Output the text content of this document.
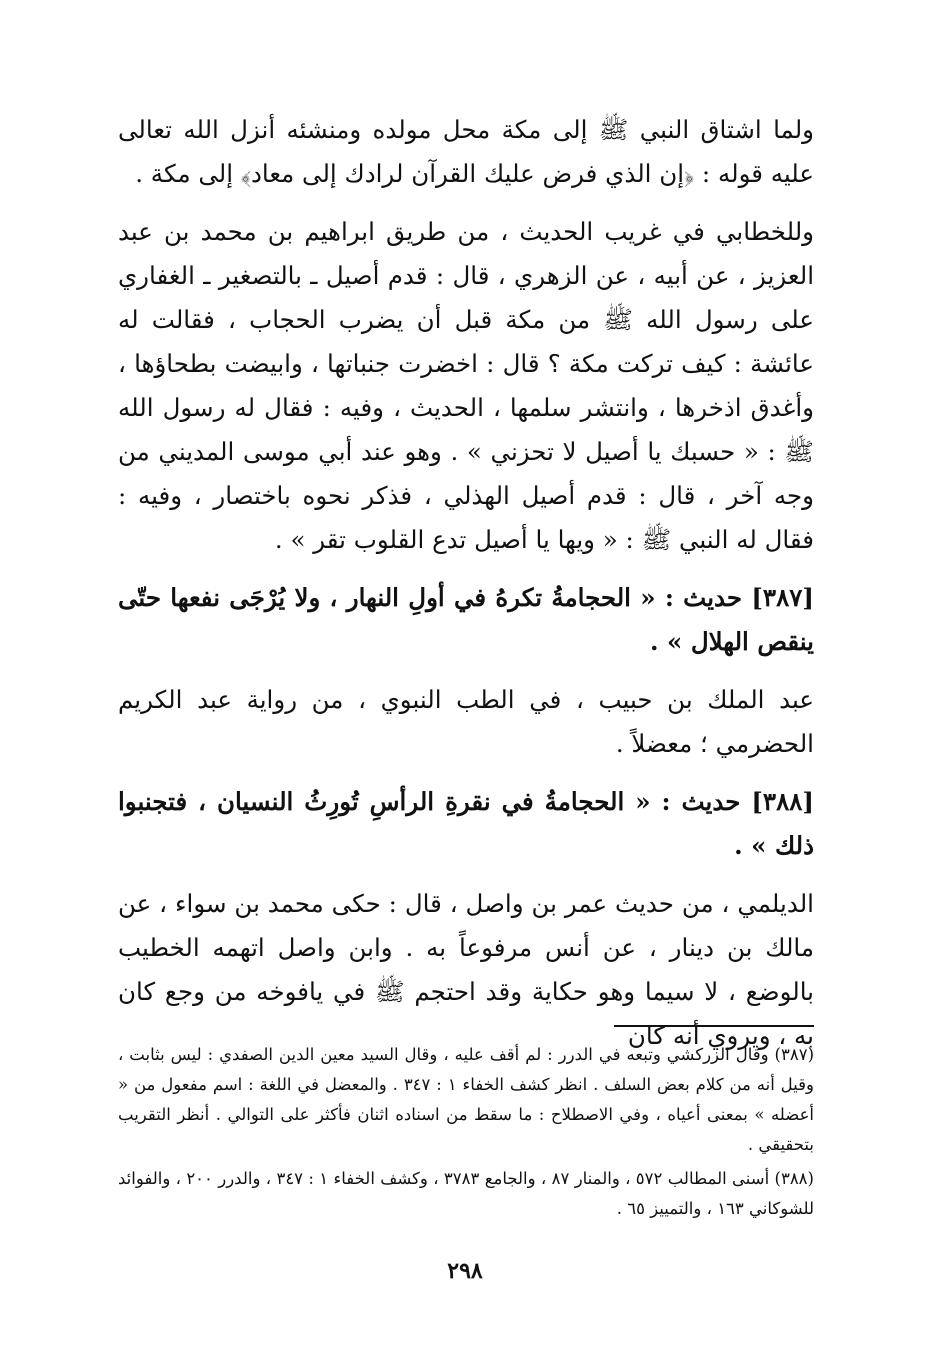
ولما اشتاق النبي ﷺ إلى مكة محل مولده ومنشئه أنزل الله تعالى عليه قوله : ﴿إن الذي فرض عليك القرآن لرادك إلى معاد﴾ إلى مكة .

وللخطابي في غريب الحديث ، من طريق ابراهيم بن محمد بن عبد العزيز ، عن أبيه ، عن الزهري ، قال : قدم أصيل ـ بالتصغير ـ الغفاري على رسول الله ﷺ من مكة قبل أن يضرب الحجاب ، فقالت له عائشة : كيف تركت مكة ؟ قال : اخضرت جنباتها ، وابيضت بطحاؤها ، وأغدق اذخرها ، وانتشر سلمها ، الحديث ، وفيه : فقال له رسول الله ﷺ : « حسبك يا أصيل لا تحزني » . وهو عند أبي موسى المديني من وجه آخر ، قال : قدم أصيل الهذلي ، فذكر نحوه باختصار ، وفيه : فقال له النبي ﷺ : « ويها يا أصيل تدع القلوب تقر » .

[٣٨٧] حديث : « الحجامةُ تكرهُ في أولِ النهار ، ولا يُرْجَى نفعها حتّى ينقص الهلال » .

عبد الملك بن حبيب ، في الطب النبوي ، من رواية عبد الكريم الحضرمي ؛ معضلاً .

[٣٨٨] حديث : « الحجامةُ في نقرةِ الرأسِ تُورِثُ النسيان ، فتجنبوا ذلك » .

الديلمي ، من حديث عمر بن واصل ، قال : حكى محمد بن سواء ، عن مالك بن دينار ، عن أنس مرفوعاً به . وابن واصل اتهمه الخطيب بالوضع ، لا سيما وهو حكاية وقد احتجم ﷺ في يافوخه من وجع كان به ، ويروي أنه كان

(٣٨٧) وقال الزركشي وتبعه في الدرر : لم أقف عليه ، وقال السيد معين الدين الصفدي : ليس بثابت ، وقيل أنه من كلام بعض السلف . انظر كشف الخفاء ١ : ٣٤٧ . والمعضل في اللغة : اسم مفعول من « أعضله » بمعنى أعياه ، وفي الاصطلاح : ما سقط من اسناده اثنان فأكثر على التوالي . أنظر التقريب بتحقيقي .

(٣٨٨) أسنى المطالب ٥٧٢ ، والمنار ٨٧ ، والجامع ٣٧٨٣ ، وكشف الخفاء ١ : ٣٤٧ ، والدرر ٢٠٠ ، والفوائد للشوكاني ١٦٣ ، والتمييز ٦٥ .

٢٩٨
